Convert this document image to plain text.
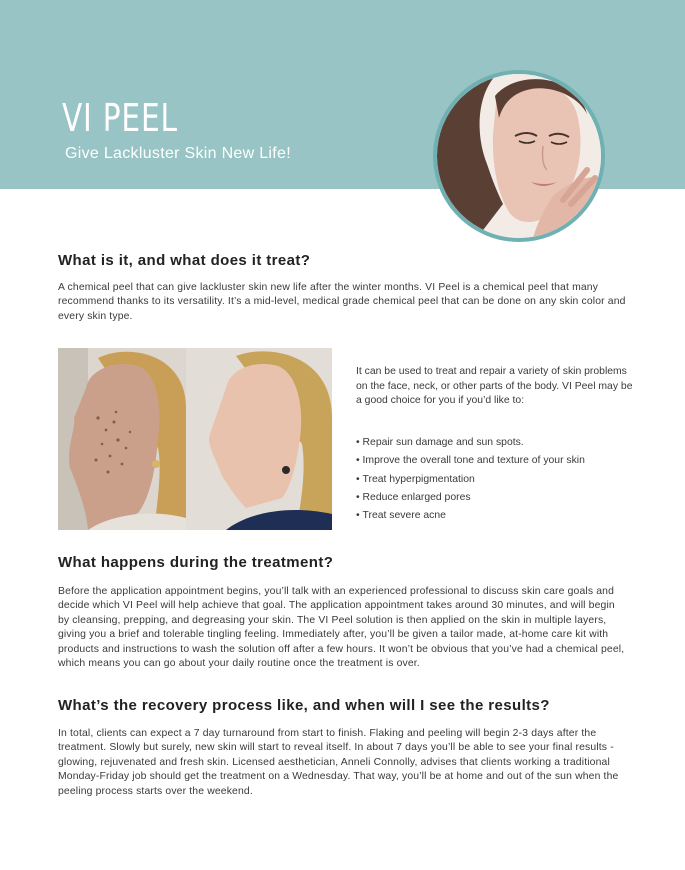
VI PEEL

Give Lackluster Skin New Life!

What is it, and what does it treat?

A chemical peel that can give lackluster skin new life after the winter months. VI Peel is a chemical peel that many recommend thanks to its versatility. It’s a mid-level, medical grade chemical peel that can be done on any skin color and every skin type.

It can be used to treat and repair a variety of skin problems on the face, neck, or other parts of the body. VI Peel may be a good choice for you if you’d like to:

• Repair sun damage and sun spots.
• Improve the overall tone and texture of your skin
• Treat hyperpigmentation
• Reduce enlarged pores
• Treat severe acne
What happens during the treatment?

Before the application appointment begins, you’ll talk with an experienced professional to discuss skin care goals and decide which VI Peel will help achieve that goal. The application appointment takes around 30 minutes, and will begin by cleansing, prepping, and degreasing your skin. The VI Peel solution is then applied on the skin in multiple layers, giving you a brief and tolerable tingling feeling. Immediately after, you’ll be given a tailor made, at-home care kit with products and instructions to wash the solution off after a few hours. It won’t be obvious that you’ve had a chemical peel, which means you can go about your daily routine once the treatment is over.

What’s the recovery process like, and when will I see the results?

In total, clients can expect a 7 day turnaround from start to finish. Flaking and peeling will begin 2-3 days after the treatment. Slowly but surely, new skin will start to reveal itself. In about 7 days you’ll be able to see your final results - glowing, rejuvenated and fresh skin. Licensed aesthetician, Anneli Connolly, advises that clients working a traditional Monday-Friday job should get the treatment on a Wednesday. That way, you’ll be at home and out of the sun when the peeling process starts over the weekend.
